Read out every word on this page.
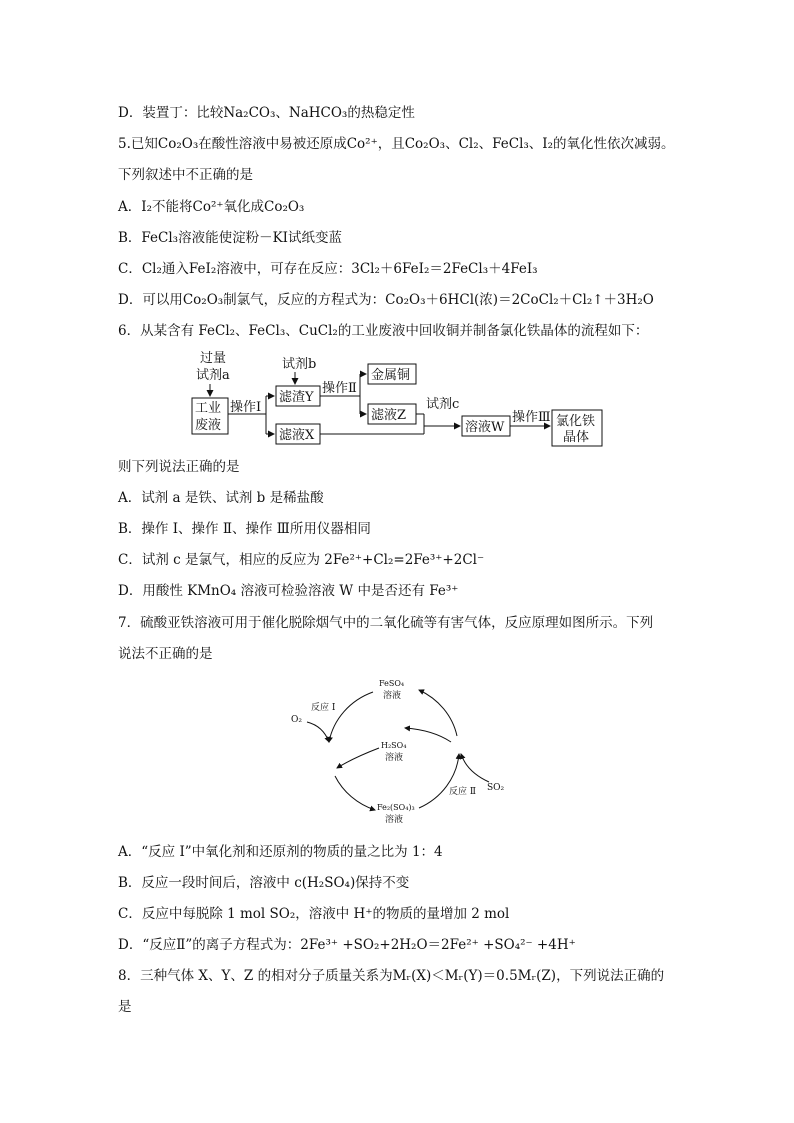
D．装置丁：比较Na₂CO₃、NaHCO₃的热稳定性
5.已知Co₂O₃在酸性溶液中易被还原成Co²⁺，且Co₂O₃、Cl₂、FeCl₃、I₂的氧化性依次减弱。
下列叙述中不正确的是
A．I₂不能将Co²⁺氧化成Co₂O₃
B．FeCl₃溶液能使淀粉－KI试纸变蓝
C．Cl₂通入FeI₂溶液中，可存在反应：3Cl₂＋6FeI₂＝2FeCl₃＋4FeI₃
D．可以用Co₂O₃制氯气，反应的方程式为：Co₂O₃＋6HCl(浓)＝2CoCl₂＋Cl₂↑＋3H₂O
6．从某含有 FeCl₂、FeCl₃、CuCl₂的工业废液中回收铜并制备氯化铁晶体的流程如下：
过量
试剂a
工业
废液
操作Ⅰ
试剂b
滤渣Y
滤液X
操作Ⅱ
金属铜
滤液Z
试剂c
溶液W
操作Ⅲ 氯化铁
晶体
则下列说法正确的是
A．试剂 a 是铁、试剂 b 是稀盐酸
B．操作 Ⅰ、操作 Ⅱ、操作 Ⅲ所用仪器相同
C．试剂 c 是氯气，相应的反应为 2Fe²⁺+Cl₂=2Fe³⁺+2Cl⁻
D．用酸性 KMnO₄ 溶液可检验溶液 W 中是否还有 Fe³⁺
7．硫酸亚铁溶液可用于催化脱除烟气中的二氧化硫等有害气体，反应原理如图所示。下列
说法不正确的是
FeSO₄
溶液
H₂SO₄
溶液
Fe₂(SO₄)₃
溶液
反应 Ⅰ
反应 Ⅱ
O₂
SO₂
A．“反应 Ⅰ”中氧化剂和还原剂的物质的量之比为 1：4
B．反应一段时间后，溶液中 c(H₂SO₄)保持不变
C．反应中每脱除 1 mol SO₂，溶液中 H⁺的物质的量增加 2 mol
D．“反应Ⅱ”的离子方程式为：2Fe³⁺ +SO₂+2H₂O＝2Fe²⁺ +SO₄²⁻ +4H⁺
8．三种气体 X、Y、Z 的相对分子质量关系为Mᵣ(X)＜Mᵣ(Y)＝0.5Mᵣ(Z)，下列说法正确的
是
